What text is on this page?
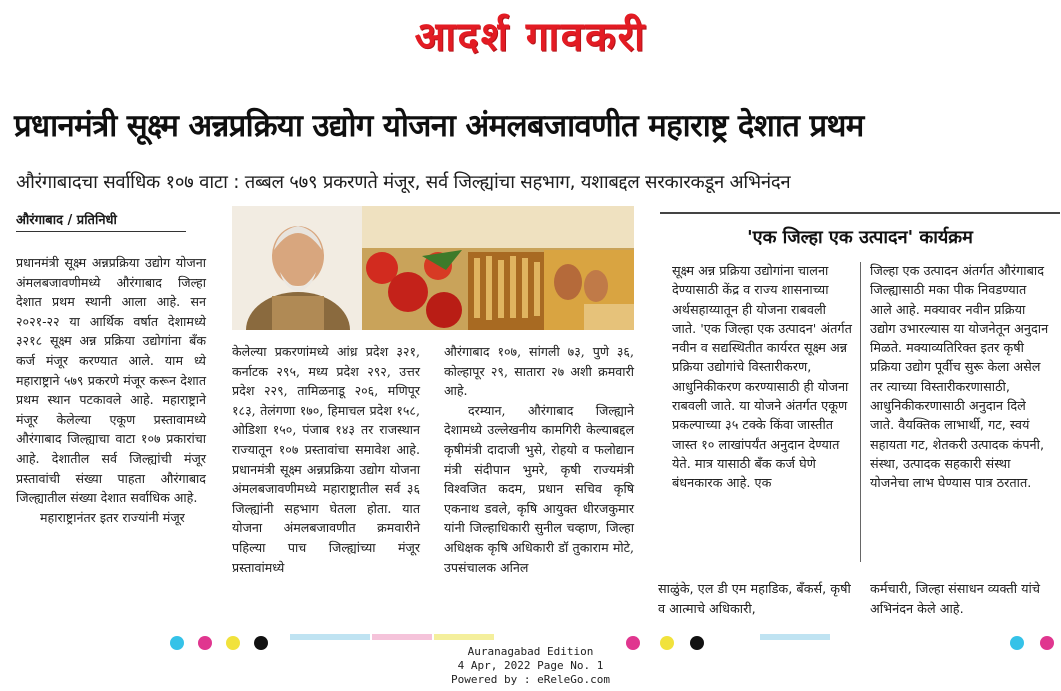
आदर्श गावकरी
प्रधानमंत्री सूक्ष्म अन्नप्रक्रिया उद्योग योजना अंमलबजावणीत महाराष्ट्र देशात प्रथम
औरंगाबादचा सर्वाधिक १०७ वाटा : तब्बल ५७९ प्रकरणते मंजूर, सर्व जिल्ह्यांचा सहभाग, यशाबद्दल सरकारकडून अभिनंदन
औरंगाबाद / प्रतिनिधी

प्रधानमंत्री सूक्ष्म अन्नप्रक्रिया उद्योग योजना अंमलबजावणीमध्ये औरंगाबाद जिल्हा देशात प्रथम स्थानी आला आहे. सन २०२१-२२ या आर्थिक वर्षात देशामध्ये ३२१८ सूक्ष्म अन्न प्रक्रिया उद्योगांना बँक कर्ज मंजूर करण्यात आले. याम ध्ये महाराष्ट्राने ५७९ प्रकरणे मंजूर करून देशात प्रथम स्थान पटकावले आहे. महाराष्ट्राने मंजूर केलेल्या एकूण प्रस्तावामध्ये औरंगाबाद जिल्ह्याचा वाटा १०७ प्रकारांचा आहे. देशातील सर्व जिल्ह्यांची मंजूर प्रस्तावांची संख्या पाहता औरंगाबाद जिल्ह्यातील संख्या देशात सर्वाधिक आहे.

महाराष्ट्रानंतर इतर राज्यांनी मंजूर

केलेल्या प्रकरणांमध्ये आंध्र प्रदेश ३२१, कर्नाटक २९५, मध्य प्रदेश २९२, उत्तर प्रदेश २२९, तामिळनाडू २०६, मणिपूर १८३, तेलंगणा १७०, हिमाचल प्रदेश १५८, ओडिशा १५०, पंजाब १४३ तर राजस्थान राज्यातून १०७ प्रस्तावांचा समावेश आहे. प्रधानमंत्री सूक्ष्म अन्नप्रक्रिया उद्योग योजना अंमलबजावणीमध्ये महाराष्ट्रातील सर्व ३६ जिल्ह्यांनी सहभाग घेतला होता. यात योजना अंमलबजावणीत क्रमवारीने पहिल्या पाच जिल्ह्यांच्या मंजूर प्रस्तावांमध्ये

औरंगाबाद १०७, सांगली ७३, पुणे ३६, कोल्हापूर २९, सातारा २७ अशी क्रमवारी आहे.

दरम्यान, औरंगाबाद जिल्ह्याने देशामध्ये उल्लेखनीय कामगिरी केल्याबद्दल कृषीमंत्री दादाजी भुसे, रोहयो व फलोद्यान मंत्री संदीपान भुमरे, कृषी राज्यमंत्री विश्वजित कदम, प्रधान सचिव कृषि एकनाथ डवले, कृषि आयुक्त धीरजकुमार यांनी जिल्हाधिकारी सुनील चव्हाण, जिल्हा अधिक्षक कृषि अधिकारी डॉ तुकाराम मोटे, उपसंचालक अनिल

'एक जिल्हा एक उत्पादन' कार्यक्रम
सूक्ष्म अन्न प्रक्रिया उद्योगांना चालना देण्यासाठी केंद्र व राज्य शासनाच्या अर्थसहाय्यातून ही योजना राबवली जाते. 'एक जिल्हा एक उत्पादन' अंतर्गत नवीन व सद्यस्थितीत कार्यरत सूक्ष्म अन्न प्रक्रिया उद्योगांचे विस्तारीकरण, आधुनिकीकरण करण्यासाठी ही योजना राबवली जाते. या योजने अंतर्गत एकूण प्रकल्पाच्या ३५ टक्के किंवा जास्तीत जास्त १० लाखांपर्यंत अनुदान देण्यात येते. मात्र यासाठी बँक कर्ज घेणे बंधनकारक आहे. एक
जिल्हा एक उत्पादन अंतर्गत औरंगाबाद जिल्ह्यासाठी मका पीक निवडण्यात आले आहे. मक्यावर नवीन प्रक्रिया उद्योग उभारल्यास या योजनेतून अनुदान मिळते. मक्याव्यतिरिक्त इतर कृषी प्रक्रिया उद्योग पूर्वीच सुरू केला असेल तर त्याच्या विस्तारीकरणासाठी, आधुनिकीकरणासाठी अनुदान दिले जाते. वैयक्तिक लाभार्थी, गट, स्वयं सहायता गट, शेतकरी उत्पादक कंपनी, संस्था, उत्पादक सहकारी संस्था योजनेचा लाभ घेण्यास पात्र ठरतात.
साळुंके, एल डी एम महाडिक, बँकर्स, कृषी व आत्माचे अधिकारी,
कर्मचारी, जिल्हा संसाधन व्यक्ती यांचे अभिनंदन केले आहे.
Auranagabad Edition
4 Apr, 2022 Page No. 1
Powered by : eReleGo.com
